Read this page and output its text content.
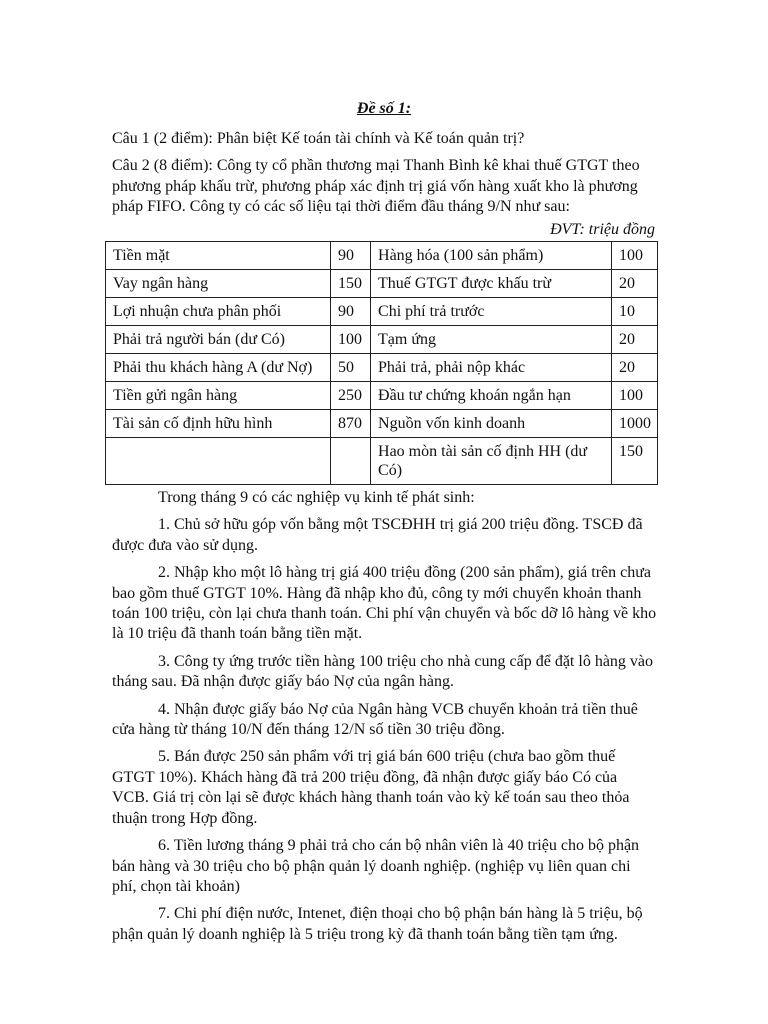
Đề số 1:
Câu 1 (2 điểm): Phân biệt Kế toán tài chính và Kế toán quản trị?
Câu 2 (8 điểm): Công ty cổ phần thương mại Thanh Bình kê khai thuế GTGT theo phương pháp khấu trừ, phương pháp xác định trị giá vốn hàng xuất kho là phương pháp FIFO. Công ty có các số liệu tại thời điểm đầu tháng 9/N như sau:
ĐVT: triệu đồng
Tiền mặt	90	Hàng hóa (100 sản phẩm)	100
Vay ngân hàng	150	Thuế GTGT được khấu trừ	20
Lợi nhuận chưa phân phối	90	Chi phí trả trước	10
Phải trả người bán (dư Có)	100	Tạm ứng	20
Phải thu khách hàng A (dư Nợ)	50	Phải trả, phải nộp khác	20
Tiền gửi ngân hàng	250	Đầu tư chứng khoán ngắn hạn	100
Tài sản cố định hữu hình	870	Nguồn vốn kinh doanh	1000
		Hao mòn tài sản cố định HH (dư Có)	150

Trong tháng 9 có các nghiệp vụ kinh tế phát sinh:

1. Chủ sở hữu góp vốn bằng một TSCĐHH trị giá 200 triệu đồng. TSCĐ đã được đưa vào sử dụng.

2. Nhập kho một lô hàng trị giá 400 triệu đồng (200 sản phẩm), giá trên chưa bao gồm thuế GTGT 10%. Hàng đã nhập kho đủ, công ty mới chuyển khoản thanh toán 100 triệu, còn lại chưa thanh toán. Chi phí vận chuyển và bốc dỡ lô hàng về kho là 10 triệu đã thanh toán bằng tiền mặt.

3. Công ty ứng trước tiền hàng 100 triệu cho nhà cung cấp để đặt lô hàng vào tháng sau. Đã nhận được giấy báo Nợ của ngân hàng.

4. Nhận được giấy báo Nợ của Ngân hàng VCB chuyển khoản trả tiền thuê cửa hàng từ tháng 10/N đến tháng 12/N số tiền 30 triệu đồng.

5. Bán được 250 sản phẩm với trị giá bán 600 triệu (chưa bao gồm thuế GTGT 10%). Khách hàng đã trả 200 triệu đồng, đã nhận được giấy báo Có của VCB. Giá trị còn lại sẽ được khách hàng thanh toán vào kỳ kế toán sau theo thỏa thuận trong Hợp đồng.

6. Tiền lương tháng 9 phải trả cho cán bộ nhân viên là 40 triệu cho bộ phận bán hàng và 30 triệu cho bộ phận quản lý doanh nghiệp. (nghiệp vụ liên quan chi phí, chọn tài khoản)

7. Chi phí điện nước, Intenet, điện thoại cho bộ phận bán hàng là 5 triệu, bộ phận quản lý doanh nghiệp là 5 triệu trong kỳ đã thanh toán bằng tiền tạm ứng.
